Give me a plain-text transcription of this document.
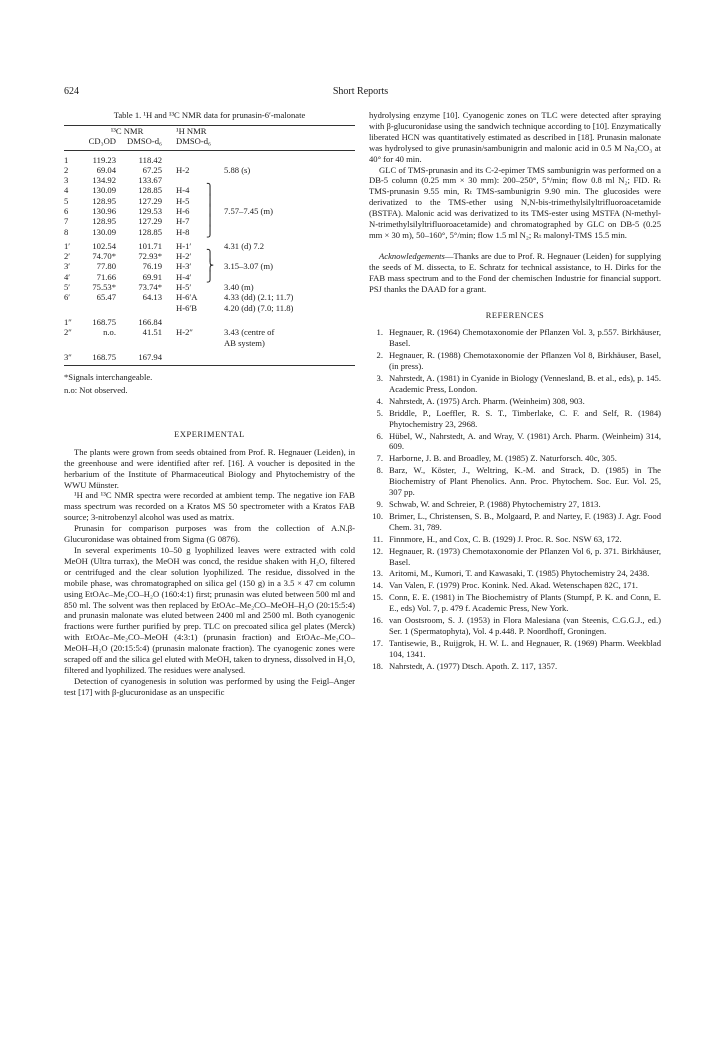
624	Short Reports
Table 1. ¹H and ¹³C NMR data for prunasin-6′-malonate
	¹³C NMR		¹H NMR		
	CD₃OD	DMSO-d₆	DMSO-d₆		

1	119.23	118.42			
2	69.04	67.25	H-2		5.88 (s)
3	134.92	133.67			
4	130.09	128.85	H-4	⎫	
5	128.95	127.29	H-5	⎪	
6	130.96	129.53	H-6	⎪	7.57–7.45 (m)
7	128.95	127.29	H-7	⎪	
8	130.09	128.85	H-8	⎭	

1′	102.54	101.71	H-1′		4.31 (d) 7.2
2′	74.70*	72.93*	H-2′	⎫	
3′	77.80	76.19	H-3′	⎬	3.15–3.07 (m)
4′	71.66	69.91	H-4′	⎭	
5′	75.53*	73.74*	H-5′		3.40 (m)
6′	65.47	64.13	H-6′A		4.33 (dd) (2.1; 11.7)
			H-6′B		4.20 (dd) (7.0; 11.8)

1″	168.75	166.84			
2″	n.o.	41.51	H-2″		3.43 (centre of
					AB system)

3″	168.75	167.94			

*Signals interchangeable.
n.o: Not observed.
EXPERIMENTAL

The plants were grown from seeds obtained from Prof. R. Hegnauer (Leiden), in the greenhouse and were identified after ref. [16]. A voucher is deposited in the herbarium of the Institute of Pharmaceutical Biology and Phytochemistry of the WWU Münster.

¹H and ¹³C NMR spectra were recorded at ambient temp. The negative ion FAB mass spectrum was recorded on a Kratos MS 50 spectrometer with a Kratos FAB source; 3-nitrobenzyl alcohol was used as matrix.

Prunasin for comparison purposes was from the collection of A.N.β-Glucuronidase was obtained from Sigma (G 0876).

In several experiments 10–50 g lyophilized leaves were extracted with cold MeOH (Ultra turrax), the MeOH was concd, the residue shaken with H₂O, filtered or centrifuged and the clear solution lyophilized. The residue, dissolved in the mobile phase, was chromatographed on silica gel (150 g) in a 3.5 × 47 cm column using EtOAc–Me₂CO–H₂O (160:4:1) first; prunasin was eluted between 500 ml and 850 ml. The solvent was then replaced by EtOAc–Me₂CO–MeOH–H₂O (20:15:5:4) and prunasin malonate was eluted between 2400 ml and 2500 ml. Both cyanogenic fractions were further purified by prep. TLC on precoated silica gel plates (Merck) with EtOAc–Me₂CO–MeOH (4:3:1) (prunasin fraction) and EtOAc–Me₂CO–MeOH–H₂O (20:15:5:4) (prunasin malonate fraction). The cyanogenic zones were scraped off and the silica gel eluted with MeOH, taken to dryness, dissolved in H₂O, filtered and lyophilized. The residues were analysed.

Detection of cyanogenesis in solution was performed by using the Feigl–Anger test [17] with β-glucuronidase as an unspecific

hydrolysing enzyme [10]. Cyanogenic zones on TLC were detected after spraying with β-glucuronidase using the sandwich technique according to [10]. Enzymatically liberated HCN was quantitatively estimated as described in [18]. Prunasin malonate was hydrolysed to give prunasin/sambunigrin and malonic acid in 0.5 M Na₂CO₃ at 40° for 40 min.

GLC of TMS-prunasin and its C-2-epimer TMS sambunigrin was performed on a DB-5 column (0.25 mm × 30 mm): 200–250°, 5°/min; flow 0.8 ml N₂; FID. Rₜ TMS-prunasin 9.55 min, Rₜ TMS-sambunigrin 9.90 min. The glucosides were derivatized to the TMS-ether using N,N-bis-trimethylsilyltrifluoroacetamide (BSTFA). Malonic acid was derivatized to its TMS-ester using MSTFA (N-methyl-N-trimethylsilyltrifluoroacetamide) and chromatographed by GLC on DB-5 (0.25 mm × 30 m), 50–160°, 5°/min; flow 1.5 ml N₂; Rₜ malonyl-TMS 15.5 min.

Acknowledgements—Thanks are due to Prof. R. Hegnauer (Leiden) for supplying the seeds of M. dissecta, to E. Schratz for technical assistance, to H. Dirks for the FAB mass spectrum and to the Fond der chemischen Industrie for financial support. PSJ thanks the DAAD for a grant.

REFERENCES
1. Hegnauer, R. (1964) Chemotaxonomie der Pflanzen Vol. 3, p.557. Birkhäuser, Basel.
2. Hegnauer, R. (1988) Chemotaxonomie der Pflanzen Vol 8, Birkhäuser, Basel, (in press).
3. Nahrstedt, A. (1981) in Cyanide in Biology (Vennesland, B. et al., eds), p. 145. Academic Press, London.
4. Nahrstedt, A. (1975) Arch. Pharm. (Weinheim) 308, 903.
5. Briddle, P., Loeffler, R. S. T., Timberlake, C. F. and Self, R. (1984) Phytochemistry 23, 2968.
6. Hübel, W., Nahrstedt, A. and Wray, V. (1981) Arch. Pharm. (Weinheim) 314, 609.
7. Harborne, J. B. and Broadley, M. (1985) Z. Naturforsch. 40c, 305.
8. Barz, W., Köster, J., Weltring, K.-M. and Strack, D. (1985) in The Biochemistry of Plant Phenolics. Ann. Proc. Phytochem. Soc. Eur. Vol. 25, 307 pp.
9. Schwab, W. and Schreier, P. (1988) Phytochemistry 27, 1813.
10. Brimer, L., Christensen, S. B., Molgaard, P. and Nartey, F. (1983) J. Agr. Food Chem. 31, 789.
11. Finnmore, H., and Cox, C. B. (1929) J. Proc. R. Soc. NSW 63, 172.
12. Hegnauer, R. (1973) Chemotaxonomie der Pflanzen Vol 6, p. 371. Birkhäuser, Basel.
13. Aritomi, M., Kumori, T. and Kawasaki, T. (1985) Phytochemistry 24, 2438.
14. Van Valen, F. (1979) Proc. Konink. Ned. Akad. Wetenschapen 82C, 171.
15. Conn, E. E. (1981) in The Biochemistry of Plants (Stumpf, P. K. and Conn, E. E., eds) Vol. 7, p. 479 f. Academic Press, New York.
16. van Oostsroom, S. J. (1953) in Flora Malesiana (van Steenis, C.G.G.J., ed.) Ser. 1 (Spermatophyta), Vol. 4 p.448. P. Noordhoff, Groningen.
17. Tantisewie, B., Ruijgrok, H. W. L. and Hegnauer, R. (1969) Pharm. Weekblad 104, 1341.
18. Nahrstedt, A. (1977) Dtsch. Apoth. Z. 117, 1357.
